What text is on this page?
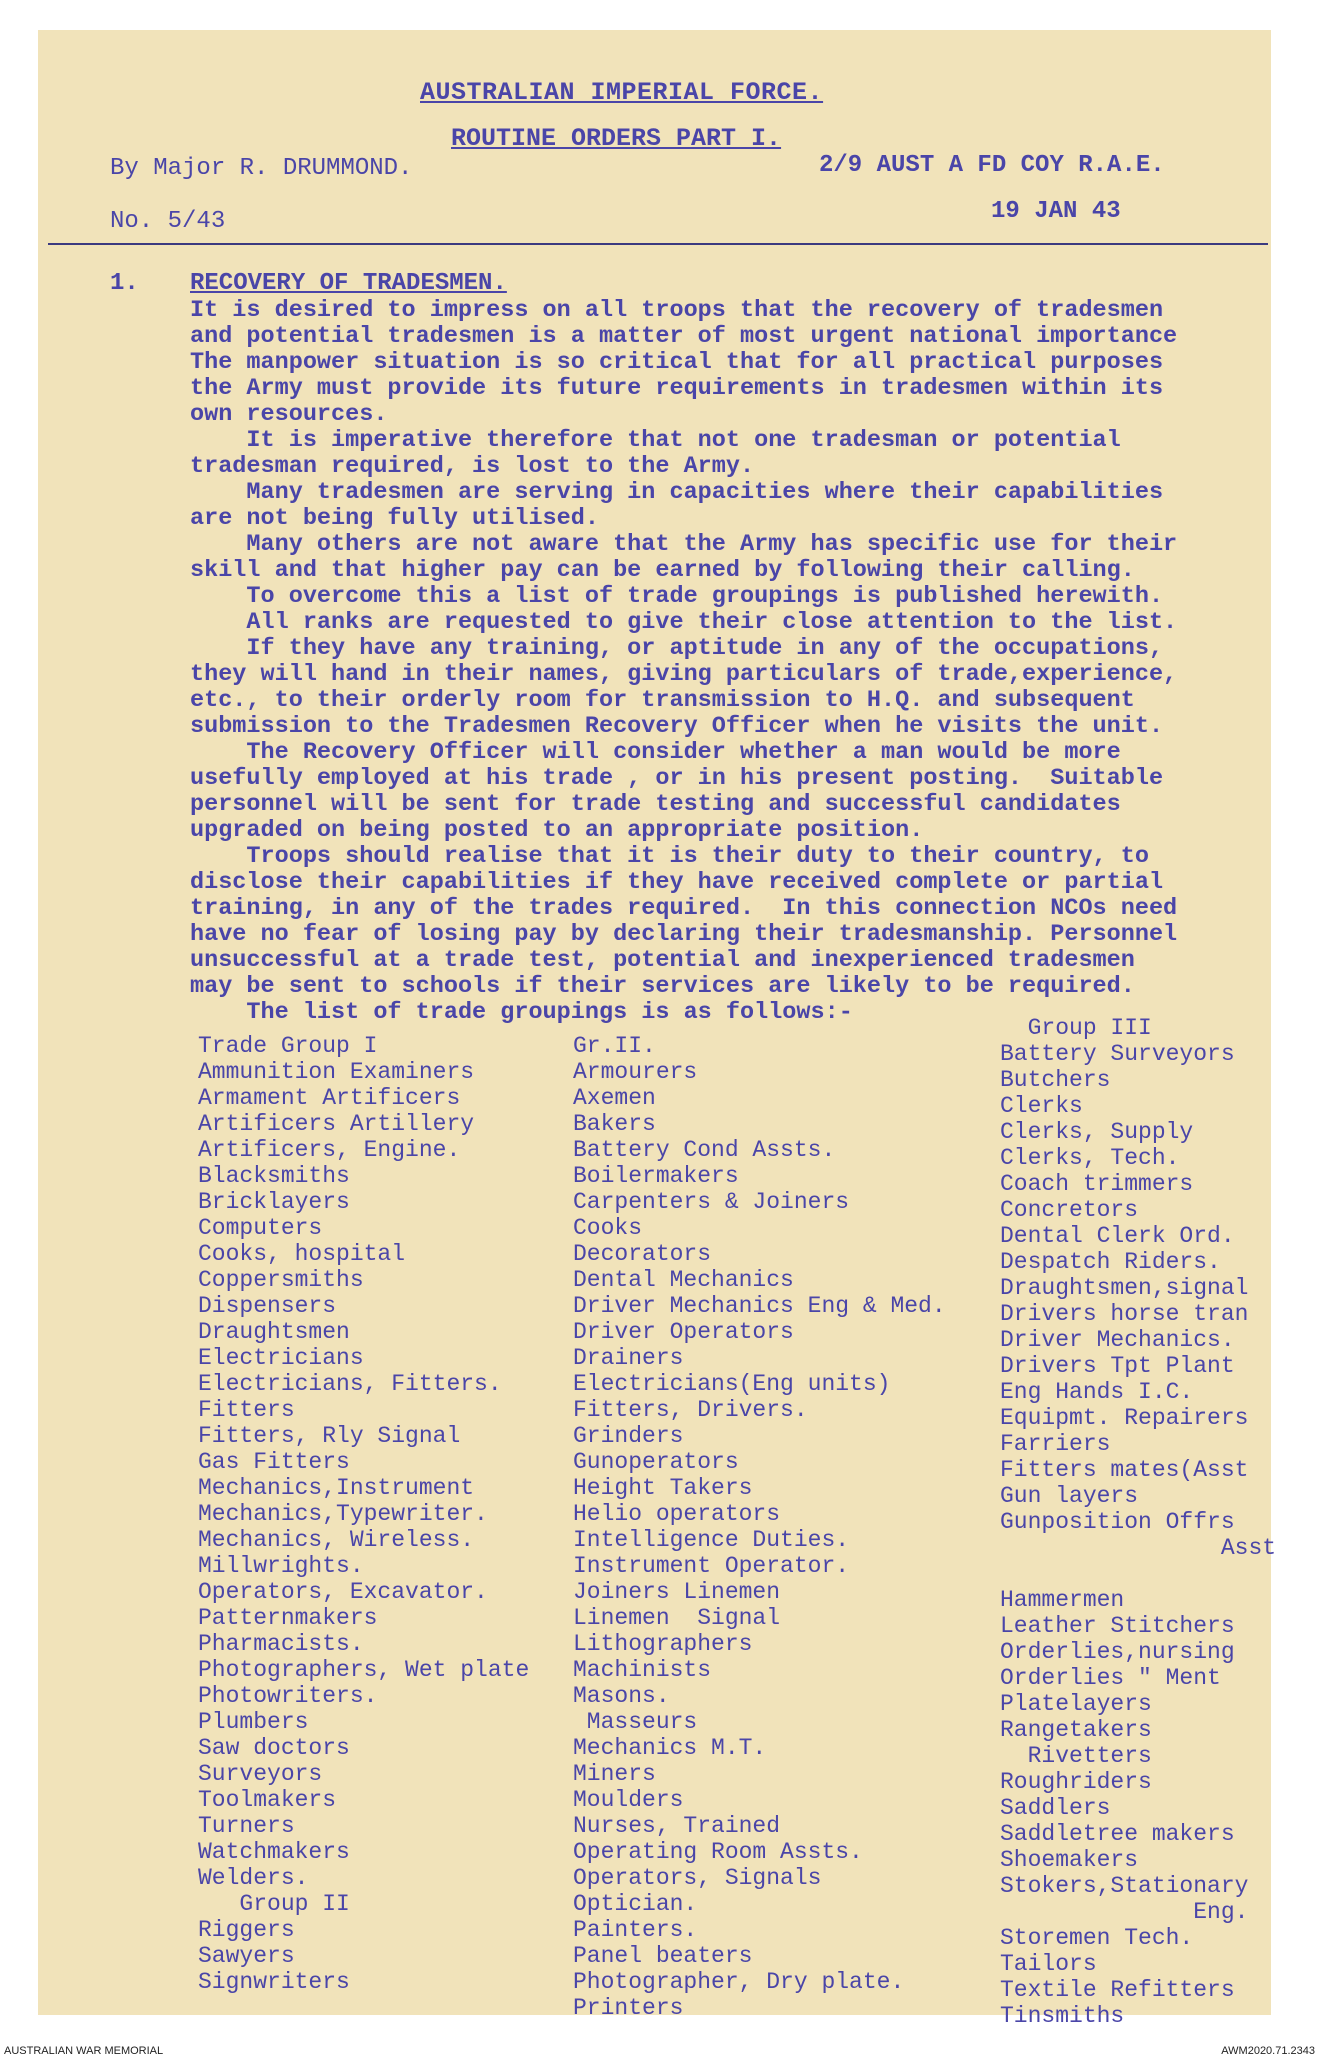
AUSTRALIAN IMPERIAL FORCE.
ROUTINE ORDERS PART I.
By Major R. DRUMMOND.	2/9 AUST A FD COY R.A.E.
No. 5/43	19 JAN 43
1. RECOVERY OF TRADESMEN.
It is desired to impress on all troops that the recovery of tradesmen
and potential tradesmen is a matter of most urgent national importance
The manpower situation is so critical that for all practical purposes
the Army must provide its future requirements in tradesmen within its
own resources.
It is imperative therefore that not one tradesman or potential
tradesman required, is lost to the Army.
Many tradesmen are serving in capacities where their capabilities
are not being fully utilised.
Many others are not aware that the Army has specific use for their
skill and that higher pay can be earned by following their calling.
To overcome this a list of trade groupings is published herewith.
All ranks are requested to give their close attention to the list.
If they have any training, or aptitude in any of the occupations,
they will hand in their names, giving particulars of trade,experience,
etc., to their orderly room for transmission to H.Q. and subsequent
submission to the Tradesmen Recovery Officer when he visits the unit.
The Recovery Officer will consider whether a man would be more
usefully employed at his trade , or in his present posting.  Suitable
personnel will be sent for trade testing and successful candidates
upgraded on being posted to an appropriate position.
Troops should realise that it is their duty to their country, to
disclose their capabilities if they have received complete or partial
training, in any of the trades required.  In this connection NCOs need
have no fear of losing pay by declaring their tradesmanship. Personnel
unsuccessful at a trade test, potential and inexperienced tradesmen
may be sent to schools if their services are likely to be required.
The list of trade groupings is as follows:-
Trade Group I
Ammunition Examiners
Armament Artificers
Artificers Artillery
Artificers, Engine.
Blacksmiths
Bricklayers
Computers
Cooks, hospital
Coppersmiths
Dispensers
Draughtsmen
Electricians
Electricians, Fitters.
Fitters
Fitters, Rly Signal
Gas Fitters
Mechanics,Instrument
Mechanics,Typewriter.
Mechanics, Wireless.
Millwrights.
Operators, Excavator.
Patternmakers
Pharmacists.
Photographers, Wet plate
Photowriters.
Plumbers
Saw doctors
Surveyors
Toolmakers
Turners
Watchmakers
Welders.
Group II
Riggers
Sawyers
Signwriters
Gr.II.
Armourers
Axemen
Bakers
Battery Cond Assts.
Boilermakers
Carpenters & Joiners
Cooks
Decorators
Dental Mechanics
Driver Mechanics Eng & Med.
Driver Operators
Drainers
Electricians(Eng units)
Fitters, Drivers.
Grinders
Gunoperators
Height Takers
Helio operators
Intelligence Duties.
Instrument Operator.
Joiners Linemen
Linemen  Signal
Lithographers
Machinists
Masons.
Masseurs
Mechanics M.T.
Miners
Moulders
Nurses, Trained
Operating Room Assts.
Operators, Signals
Optician.
Painters.
Panel beaters
Photographer, Dry plate.
Printers
Group III
Battery Surveyors
Butchers
Clerks
Clerks, Supply
Clerks, Tech.
Coach trimmers
Concretors
Dental Clerk Ord.
Despatch Riders.
Draughtsmen,signal
Drivers horse tran
Driver Mechanics.
Drivers Tpt Plant
Eng Hands I.C.
Equipmt. Repairers
Farriers
Fitters mates(Asst
Gun layers
Gunposition Offrs
Asst
Hammermen
Leather Stitchers
Orderlies,nursing
Orderlies " Ment
Platelayers
Rangetakers
Rivetters
Roughriders
Saddlers
Saddletree makers
Shoemakers
Stokers,Stationary
Eng.
Storemen Tech.
Tailors
Textile Refitters
Tinsmiths
AUSTRALIAN WAR MEMORIAL	AWM2020.71.2343
